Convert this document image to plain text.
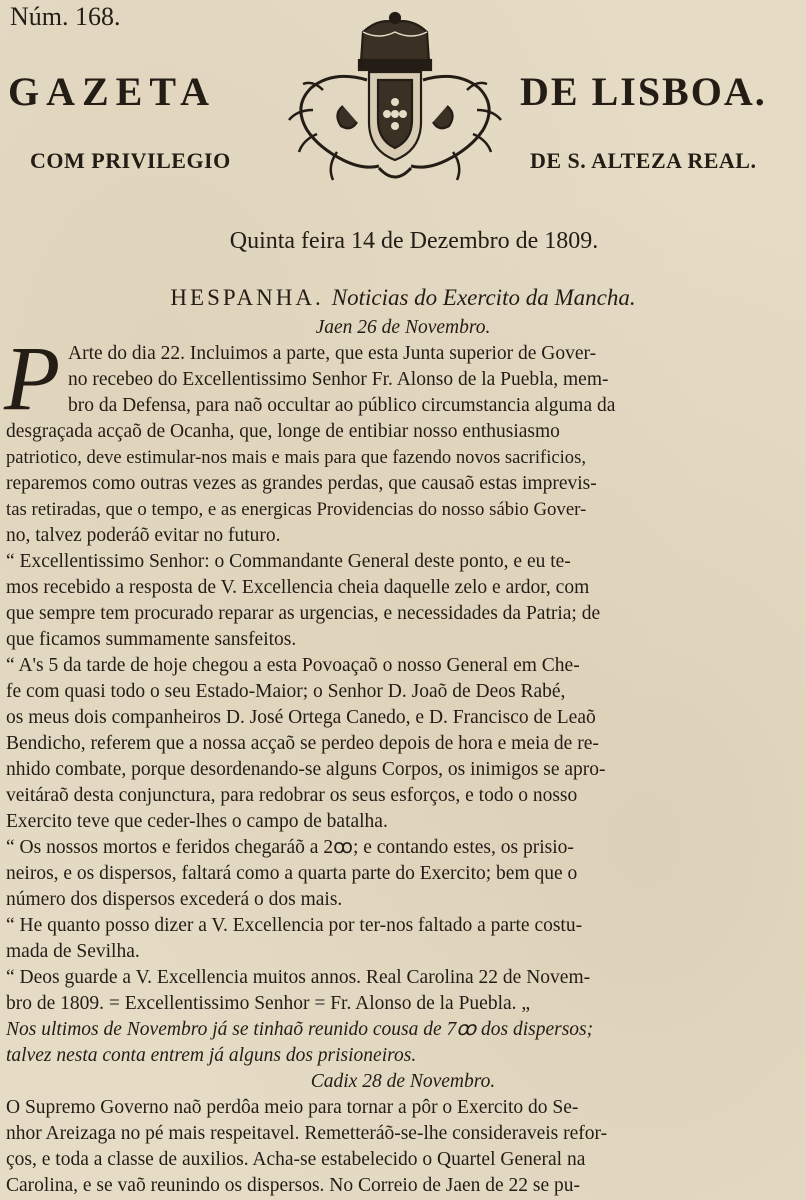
Núm. 168.
GAZETA	DE LISBOA.
COM PRIVILEGIO	DE S. ALTEZA REAL.
Quinta feira 14 de Dezembro de 1809.
HESPANHA. Noticias do Exercito da Mancha.
P	Jaen 26 de Novembro.
Arte do dia 22. Incluimos a parte, que esta Junta superior de Gover-
no recebeo do Excellentissimo Senhor Fr. Alonso de la Puebla, mem-
bro da Defensa, para naõ occultar ao público circumstancia alguma da
desgraçada acçaõ de Ocanha, que, longe de entibiar nosso enthusiasmo
patriotico, deve estimular-nos mais e mais para que fazendo novos sacrificios,
reparemos como outras vezes as grandes perdas, que causaõ estas imprevis-
tas retiradas, que o tempo, e as energicas Providencias do nosso sábio Gover-
no, talvez poderáõ evitar no futuro.
“ Excellentissimo Senhor: o Commandante General deste ponto, e eu te-
mos recebido a resposta de V. Excellencia cheia daquelle zelo e ardor, com
que sempre tem procurado reparar as urgencias, e necessidades da Patria; de
que ficamos summamente sansfeitos.
“ A's 5 da tarde de hoje chegou a esta Povoaçaõ o nosso General em Che-
fe com quasi todo o seu Estado-Maior; o Senhor D. Joaõ de Deos Rabé,
os meus dois companheiros D. José Ortega Canedo, e D. Francisco de Leaõ
Bendicho, referem que a nossa acçaõ se perdeo depois de hora e meia de re-
nhido combate, porque desordenando-se alguns Corpos, os inimigos se apro-
veitáraõ desta conjunctura, para redobrar os seus esforços, e todo o nosso
Exercito teve que ceder-lhes o campo de batalha.
“ Os nossos mortos e feridos chegaráõ a 2ꝏ; e contando estes, os prisio-
neiros, e os dispersos, faltará como a quarta parte do Exercito; bem que o
número dos dispersos excederá o dos mais.
“ He quanto posso dizer a V. Excellencia por ter-nos faltado a parte costu-
mada de Sevilha.
“ Deos guarde a V. Excellencia muitos annos. Real Carolina 22 de Novem-
bro de 1809. = Excellentissimo Senhor = Fr. Alonso de la Puebla. „
Nos ultimos de Novembro já se tinhaõ reunido cousa de 7ꝏ dos dispersos;
talvez nesta conta entrem já alguns dos prisioneiros.
Cadix 28 de Novembro.
O Supremo Governo naõ perdôa meio para tornar a pôr o Exercito do Se-
nhor Areizaga no pé mais respeitavel. Remetteráõ-se-lhe consideraveis refor-
ços, e toda a classe de auxilios. Acha-se estabelecido o Quartel General na
Carolina, e se vaõ reunindo os dispersos. No Correio de Jaen de 22 se pu-
